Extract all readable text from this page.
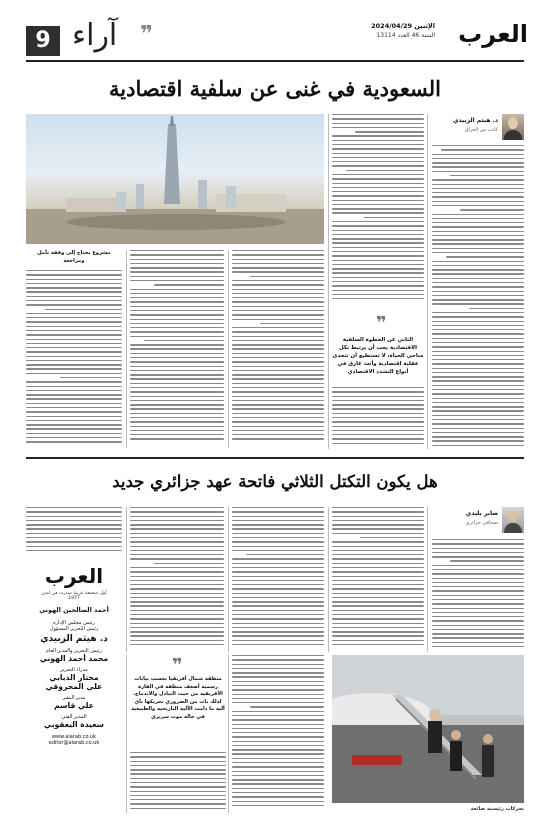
العرب
الإثنين 2024/04/29
السنة 46 العدد 13114
❞
آراء
9
السعودية في غنى عن سلفية اقتصادية
د. هيثم الزبيدي
كاتب من العراق
❞
الثاني عن الخطوة السلفية الاقتصادية يجب أن يرتبط بكل مناحي الحياة، لا تستطيع أن تتحدى عقلية اقتصادية وأنت غارق في أنواع التشدد الاقتصادي
مشروع يحتاج إلى وقفة تأمل ومراجعة
هل يكون التكتل الثلاثي فاتحة عهد جزائري جديد
صابر بليدي
صحافي جزائري
العرب
أول صحيفة عربية صدرت في لندن
1977
أحمد الصالحين الهوني
رئيس مجلس الإدارة
رئيس التحرير المسؤول
د. هيثم الزبيدي
رئيس التحرير والمدير العام
محمد أحمد الهوني
مدراء التحرير
مختار الدبابي
علي المحروقي
مدير النشر
علي قاسم
المدير الفني
سعيدة اليعقوبي
www.alarab.co.uk
editor@alarab.co.uk
❞
منطقة شمال أفريقيا بحسب بيانات رسمية أضعف منطقة في القارة الأفريقية من حيث التبادل والاندماج. لذلك بات من الضروري تحريكها بأي آلية ما دامت الآلية التاريخية والطبيعية في حالة موت سريري
تحركات رئيسية ضائعة
